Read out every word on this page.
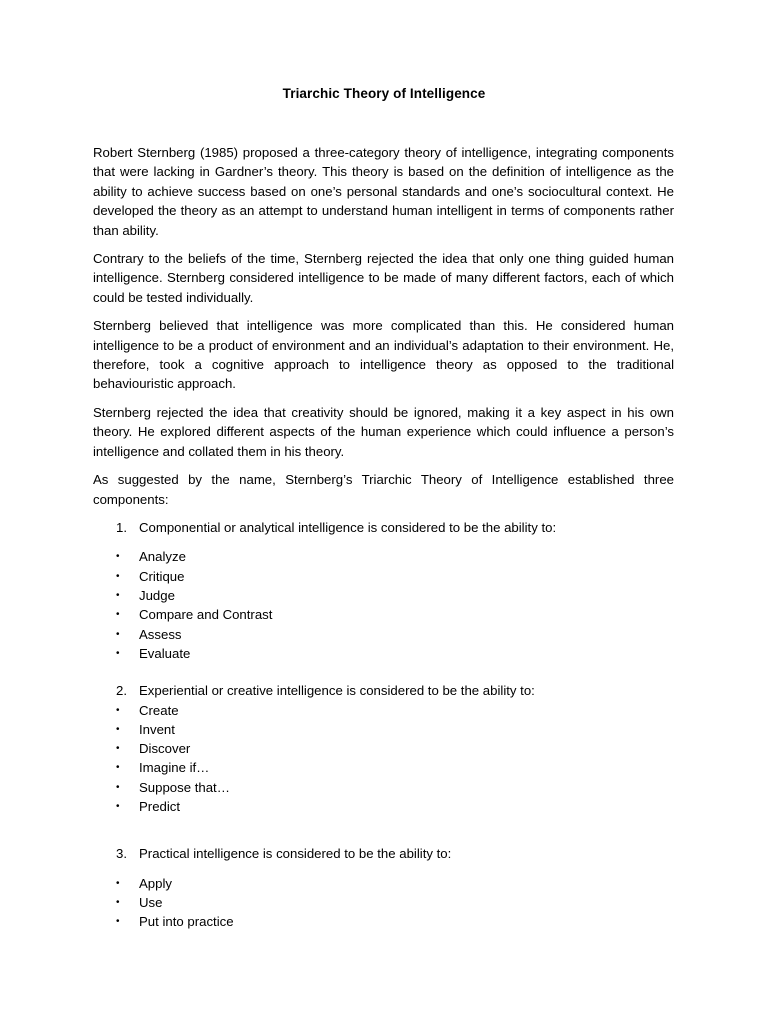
Triarchic Theory of Intelligence

Robert Sternberg (1985) proposed a three-category theory of intelligence, integrating components that were lacking in Gardner’s theory. This theory is based on the definition of intelligence as the ability to achieve success based on one’s personal standards and one’s sociocultural context. He developed the theory as an attempt to understand human intelligent in terms of components rather than ability.

Contrary to the beliefs of the time, Sternberg rejected the idea that only one thing guided human intelligence. Sternberg considered intelligence to be made of many different factors, each of which could be tested individually.

Sternberg believed that intelligence was more complicated than this. He considered human intelligence to be a product of environment and an individual’s adaptation to their environment. He, therefore, took a cognitive approach to intelligence theory as opposed to the traditional behaviouristic approach.

Sternberg rejected the idea that creativity should be ignored, making it a key aspect in his own theory. He explored different aspects of the human experience which could influence a person’s intelligence and collated them in his theory.

As suggested by the name, Sternberg’s Triarchic Theory of Intelligence established three components:

1. Componential or analytical intelligence is considered to be the ability to:
•	Analyze
•	Critique
•	Judge
•	Compare and Contrast
•	Assess
•	Evaluate
2. Experiential or creative intelligence is considered to be the ability to:
•	Create
•	Invent
•	Discover
•	Imagine if…
•	Suppose that…
•	Predict
3. Practical intelligence is considered to be the ability to:
•	Apply
•	Use
•	Put into practice
